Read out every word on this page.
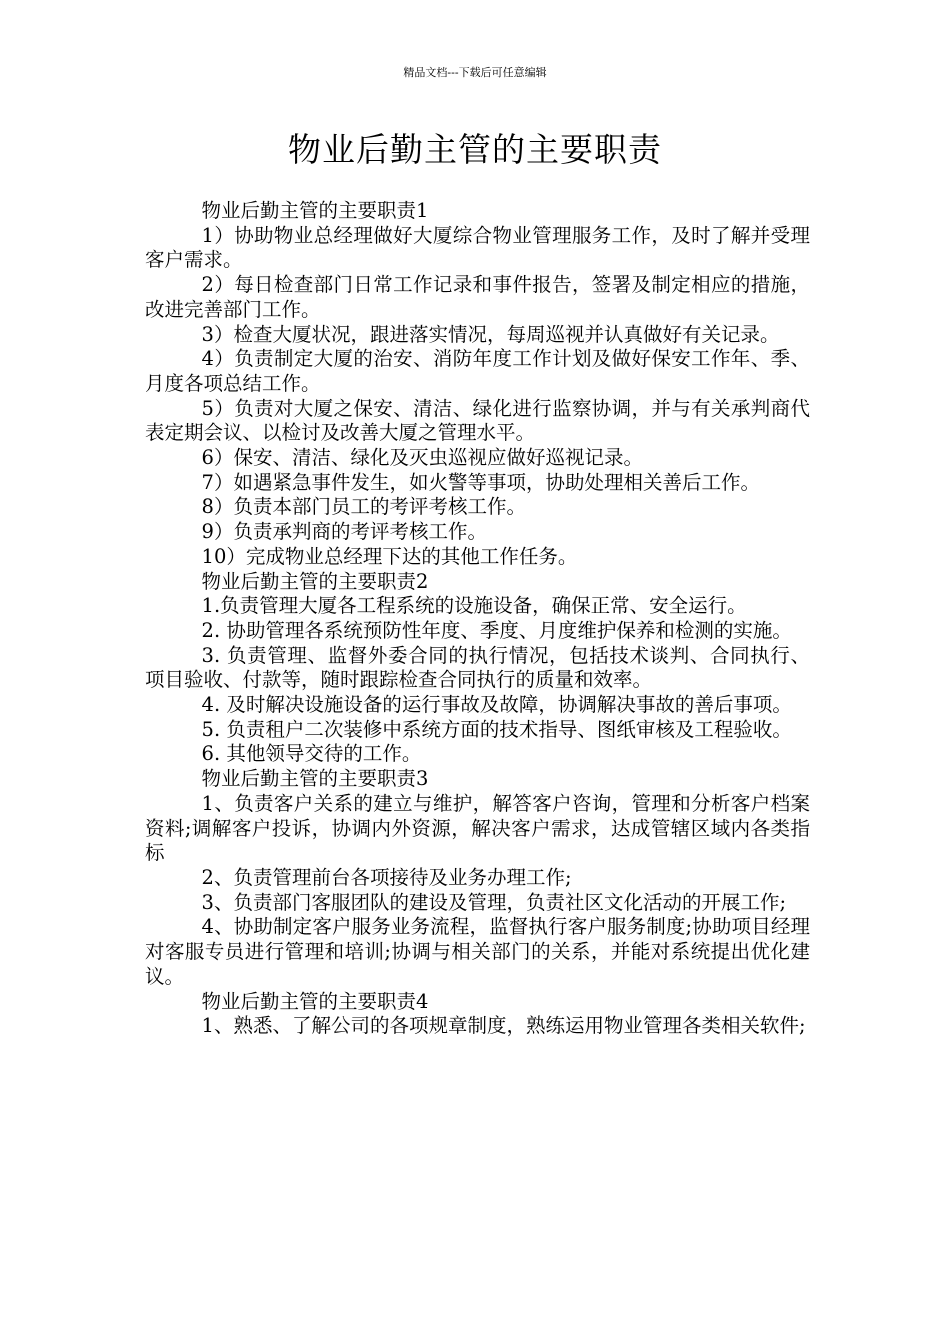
精品文档---下载后可任意编辑
物业后勤主管的主要职责

物业后勤主管的主要职责1

1）协助物业总经理做好大厦综合物业管理服务工作，及时了解并受理客户需求。

2）每日检查部门日常工作记录和事件报告，签署及制定相应的措施，改进完善部门工作。

3）检查大厦状况，跟进落实情况，每周巡视并认真做好有关记录。

4）负责制定大厦的治安、消防年度工作计划及做好保安工作年、季、月度各项总结工作。

5）负责对大厦之保安、清洁、绿化进行监察协调，并与有关承判商代表定期会议、以检讨及改善大厦之管理水平。

6）保安、清洁、绿化及灭虫巡视应做好巡视记录。

7）如遇紧急事件发生，如火警等事项，协助处理相关善后工作。

8）负责本部门员工的考评考核工作。

9）负责承判商的考评考核工作。

10）完成物业总经理下达的其他工作任务。

物业后勤主管的主要职责2

1.负责管理大厦各工程系统的设施设备，确保正常、安全运行。

2. 协助管理各系统预防性年度、季度、月度维护保养和检测的实施。

3. 负责管理、监督外委合同的执行情况，包括技术谈判、合同执行、项目验收、付款等，随时跟踪检查合同执行的质量和效率。

4. 及时解决设施设备的运行事故及故障，协调解决事故的善后事项。

5. 负责租户二次装修中系统方面的技术指导、图纸审核及工程验收。

6. 其他领导交待的工作。

物业后勤主管的主要职责3

1、负责客户关系的建立与维护，解答客户咨询，管理和分析客户档案资料;调解客户投诉，协调内外资源，解决客户需求，达成管辖区域内各类指标

2、负责管理前台各项接待及业务办理工作;

3、负责部门客服团队的建设及管理，负责社区文化活动的开展工作;

4、协助制定客户服务业务流程，监督执行客户服务制度;协助项目经理对客服专员进行管理和培训;协调与相关部门的关系，并能对系统提出优化建议。

物业后勤主管的主要职责4

1、熟悉、了解公司的各项规章制度，熟练运用物业管理各类相关软件;
